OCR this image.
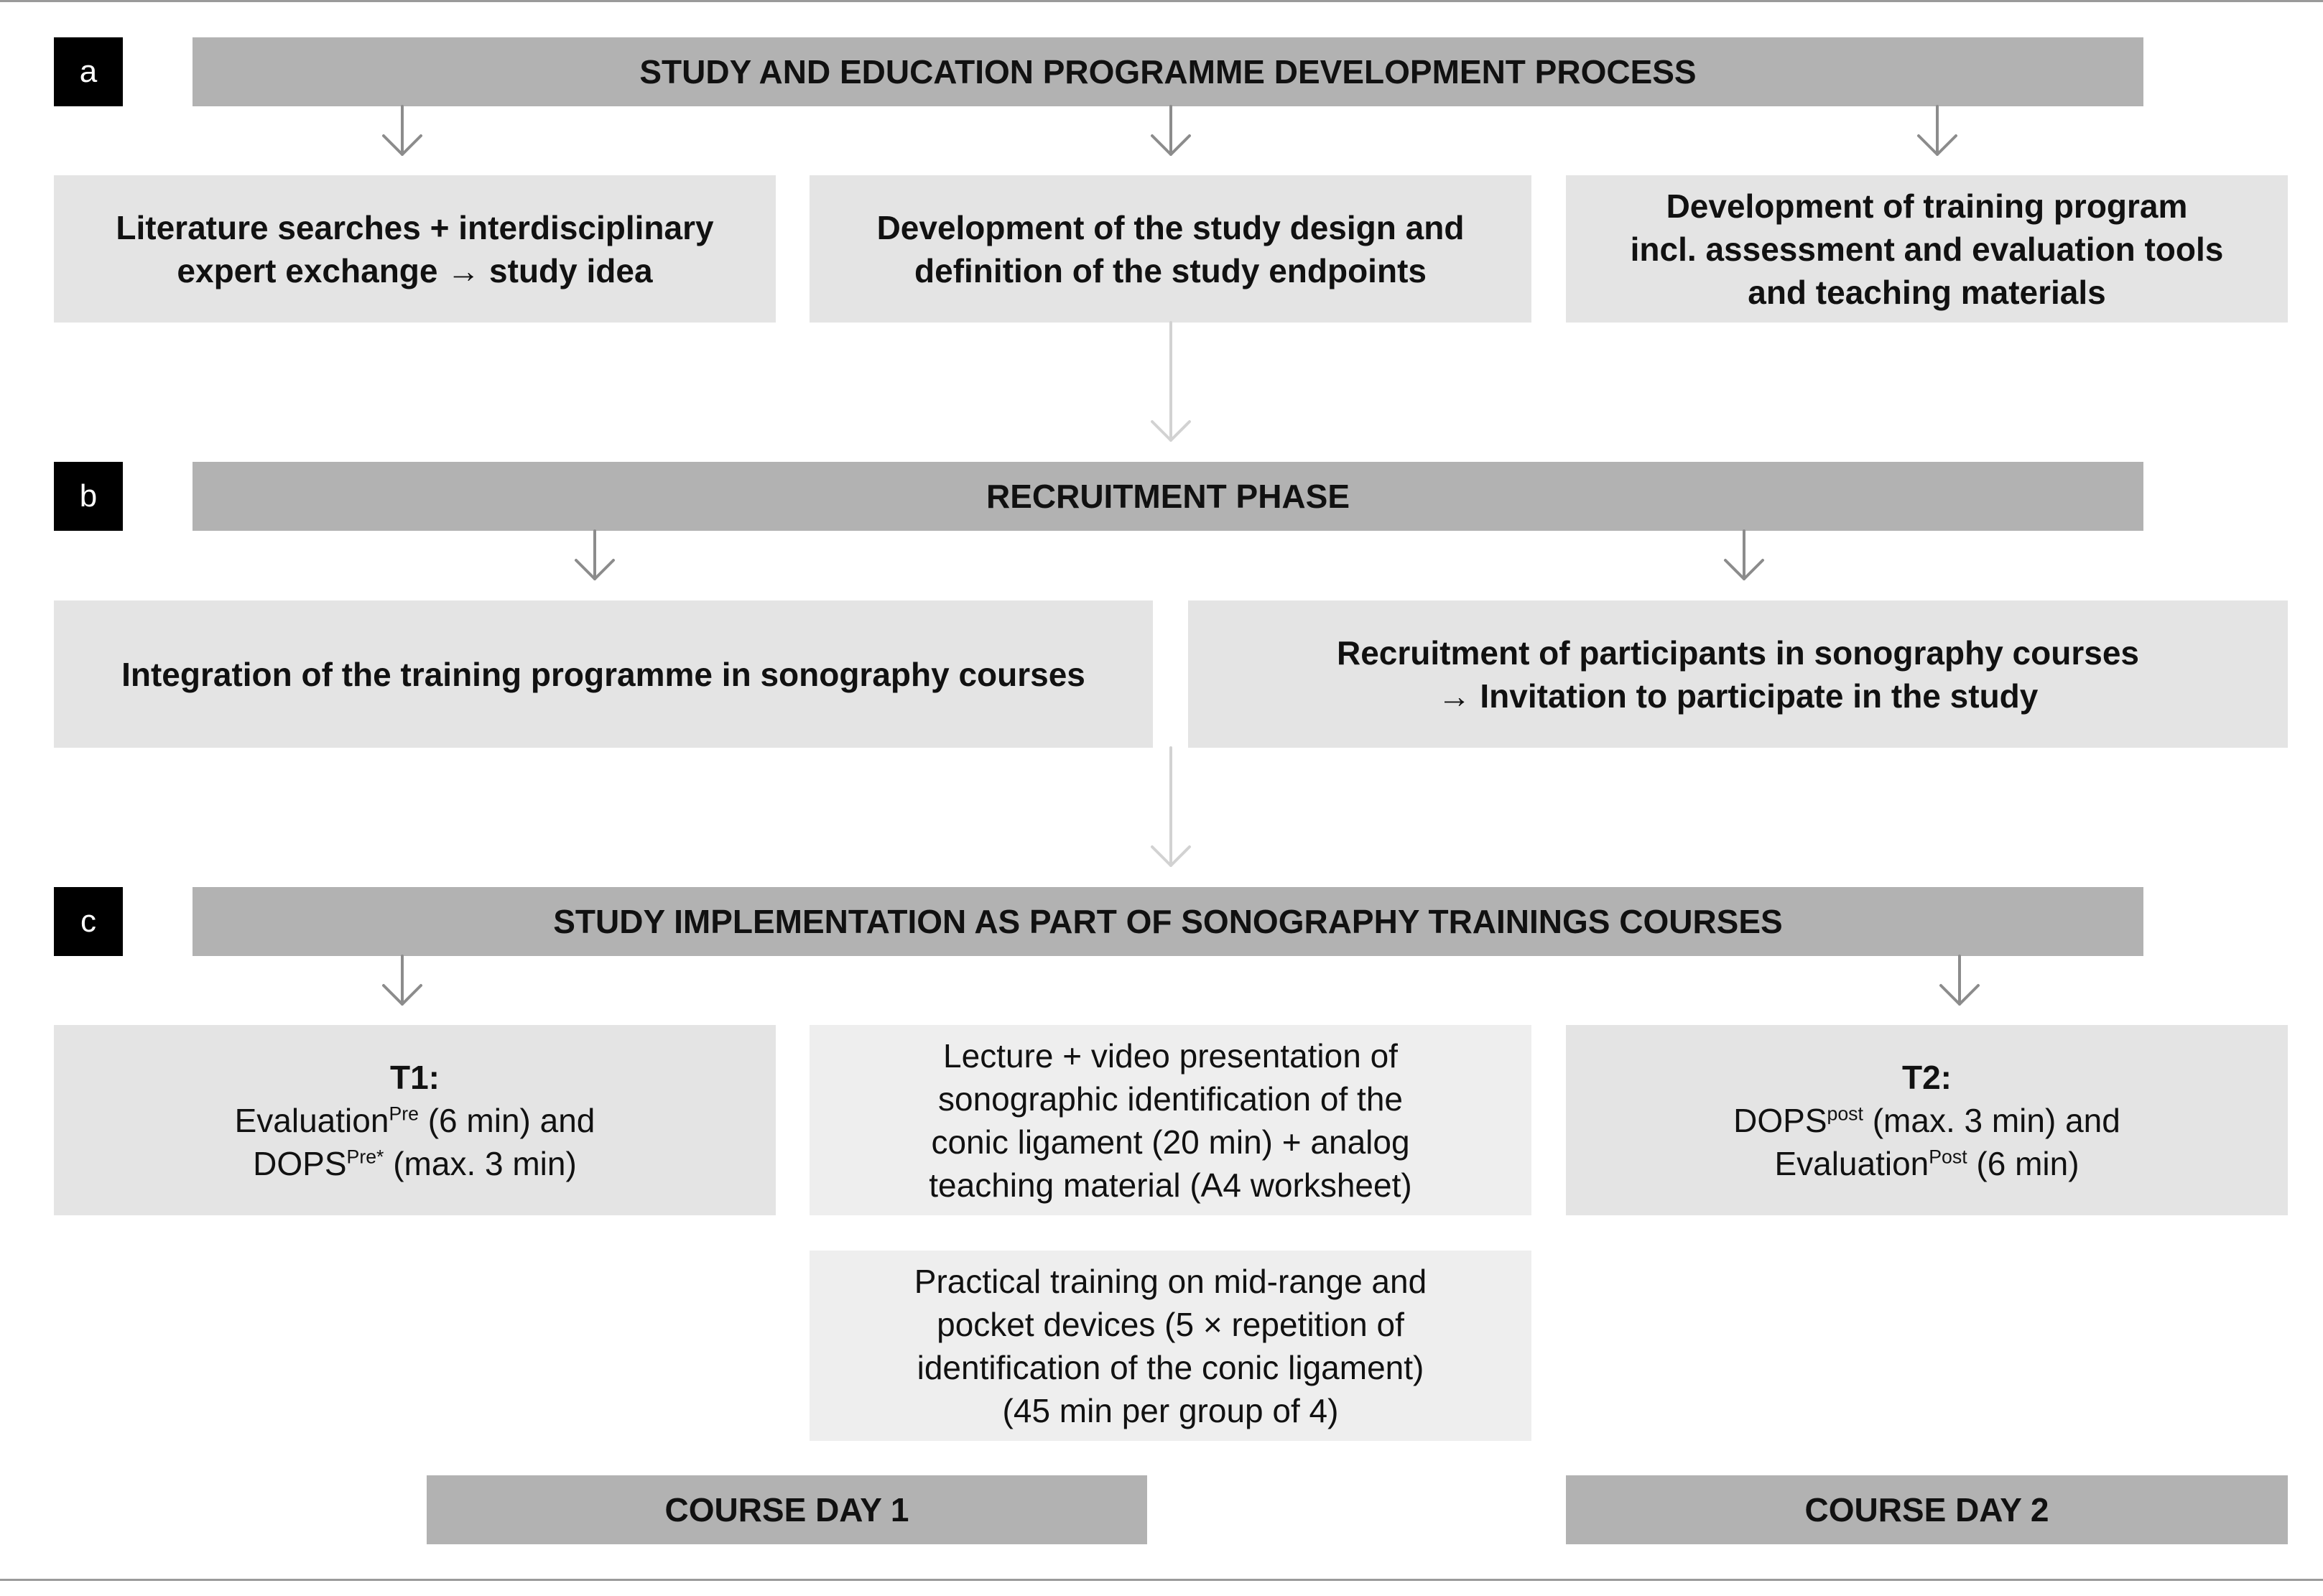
a	STUDY AND EDUCATION PROGRAMME DEVELOPMENT PROCESS
Literature searches + interdisciplinary
expert exchange → study idea
Development of the study design and
definition of the study endpoints
Development of training program
incl. assessment and evaluation tools
and teaching materials
b	RECRUITMENT PHASE
Integration of the training programme in sonography courses
Recruitment of participants in sonography courses
→ Invitation to participate in the study
c	STUDY IMPLEMENTATION AS PART OF SONOGRAPHY TRAININGS COURSES
T1:
Evaluation$^{Pre}$ (6 min) and
$DOPS^{Pre*}$ (max. 3 min)
Lecture + video presentation of
sonographic identification of the
conic ligament (20 min) + analog
teaching material (A4 worksheet)
T2:
$DOPS^{post}$ (max. 3 min) and
Evaluation$^{Post}$ (6 min)
Practical training on mid-range and
pocket devices (5 × repetition of
identification of the conic ligament)
(45 min per group of 4)
COURSE DAY 1	COURSE DAY 2
